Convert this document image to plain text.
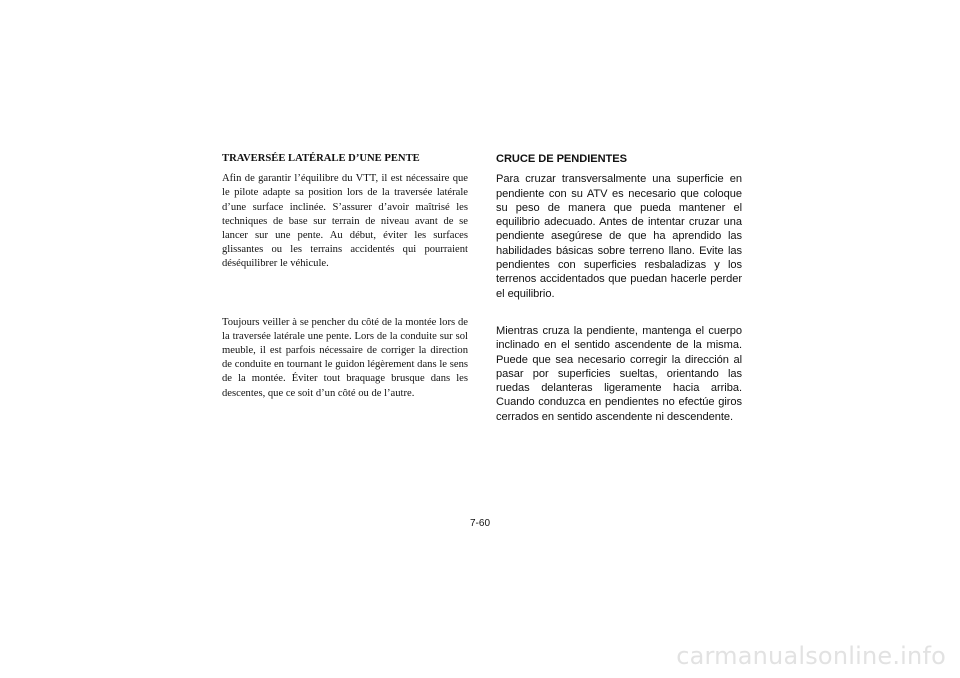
TRAVERSÉE LATÉRALE D’UNE PENTE

Afin de garantir l’équilibre du VTT, il est nécessaire que le pilote adapte sa position lors de la traversée latérale d’une surface inclinée. S’assurer d’avoir maîtrisé les techniques de base sur terrain de niveau avant de se lancer sur une pente. Au début, éviter les surfaces glissantes ou les terrains accidentés qui pourraient déséquilibrer le véhicule.

Toujours veiller à se pencher du côté de la montée lors de la traversée latérale une pente. Lors de la conduite sur sol meuble, il est parfois nécessaire de corriger la direction de conduite en tournant le guidon légèrement dans le sens de la montée. Éviter tout braquage brusque dans les descentes, que ce soit d’un côté ou de l’autre.

CRUCE DE PENDIENTES

Para cruzar transversalmente una superficie en pendiente con su ATV es necesario que coloque su peso de manera que pueda mantener el equilibrio adecuado. Antes de intentar cruzar una pendiente asegúrese de que ha aprendido las habilidades básicas sobre terreno llano. Evite las pendientes con superficies resbaladizas y los terrenos accidentados que puedan hacerle perder el equilibrio.

Mientras cruza la pendiente, mantenga el cuerpo inclinado en el sentido ascendente de la misma. Puede que sea necesario corregir la dirección al pasar por superficies sueltas, orientando las ruedas delanteras ligeramente hacia arriba. Cuando conduzca en pendientes no efectúe giros cerrados en sentido ascendente ni descendente.

7-60
carmanualsonline.info
